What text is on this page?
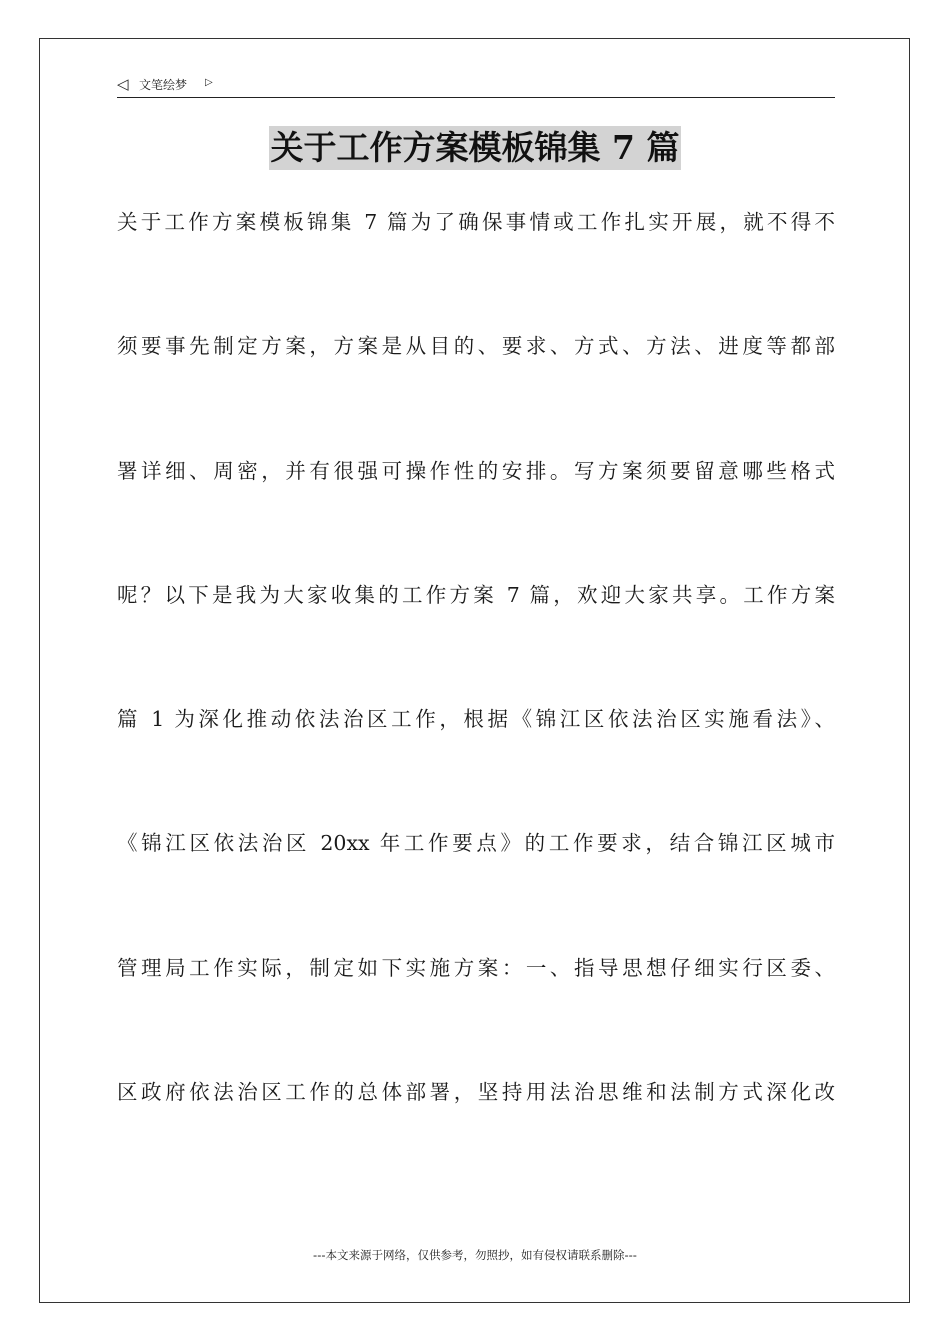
◁ 文笔绘梦 ▷
关于工作方案模板锦集 7 篇
关于工作方案模板锦集 7 篇为了确保事情或工作扎实开展，就不得不
须要事先制定方案，方案是从目的、要求、方式、方法、进度等都部
署详细、周密，并有很强可操作性的安排。写方案须要留意哪些格式
呢？以下是我为大家收集的工作方案 7 篇，欢迎大家共享。工作方案
篇 1 为深化推动依法治区工作，根据《锦江区依法治区实施看法》、
《锦江区依法治区 20xx 年工作要点》的工作要求，结合锦江区城市
管理局工作实际，制定如下实施方案：一、指导思想仔细实行区委、
区政府依法治区工作的总体部署，坚持用法治思维和法制方式深化改
---本文来源于网络，仅供参考，勿照抄，如有侵权请联系删除---
